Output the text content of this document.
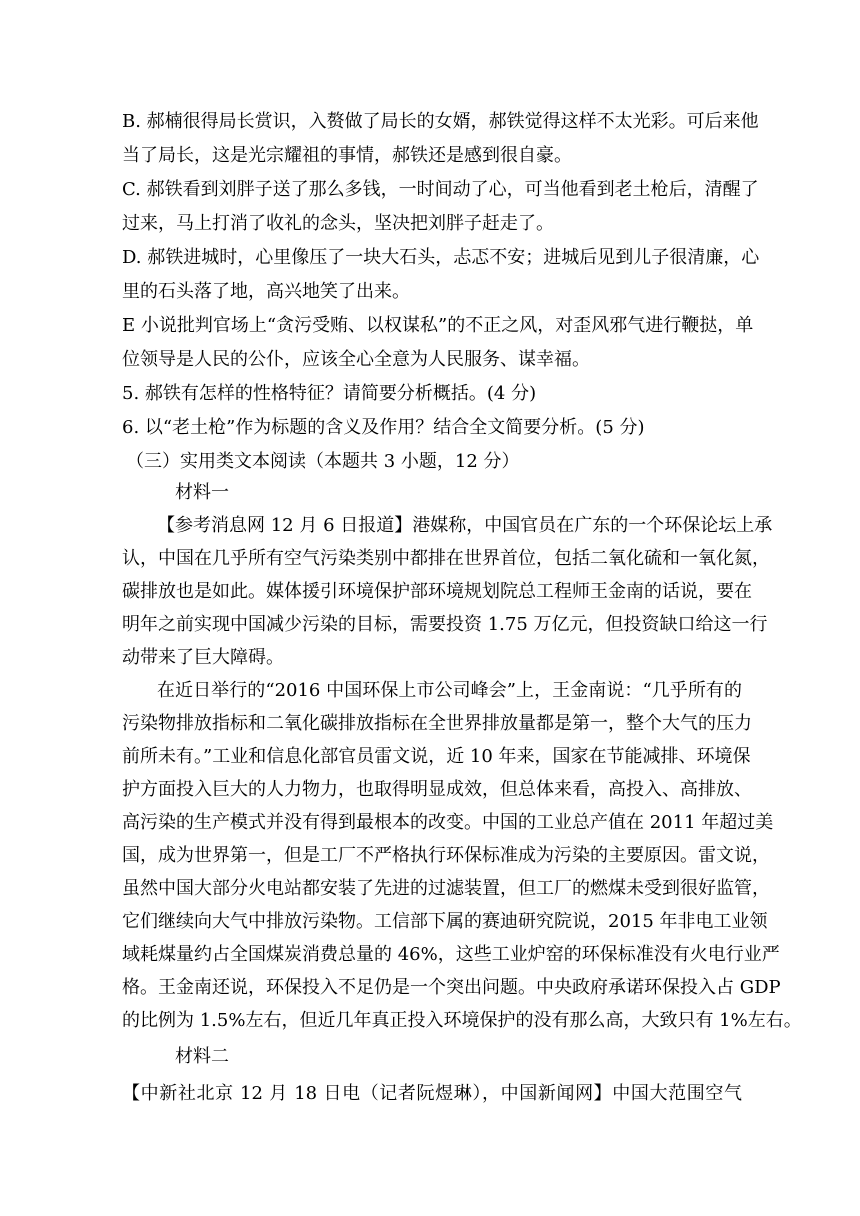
B. 郝楠很得局长赏识，入赘做了局长的女婿，郝铁觉得这样不太光彩。可后来他
当了局长，这是光宗耀祖的事情，郝铁还是感到很自豪。
C. 郝铁看到刘胖子送了那么多钱，一时间动了心，可当他看到老土枪后，清醒了
过来，马上打消了收礼的念头，坚决把刘胖子赶走了。
D. 郝铁进城时，心里像压了一块大石头，忐忑不安；进城后见到儿子很清廉，心
里的石头落了地，高兴地笑了出来。
E 小说批判官场上“贪污受贿、以权谋私”的不正之风，对歪风邪气进行鞭挞，单
位领导是人民的公仆，应该全心全意为人民服务、谋幸福。
5. 郝铁有怎样的性格特征？请简要分析概括。(4 分)
6. 以“老土枪”作为标题的含义及作用？结合全文简要分析。(5 分)
（三）实用类文本阅读（本题共 3 小题，12 分）
材料一
【参考消息网 12 月 6 日报道】港媒称，中国官员在广东的一个环保论坛上承
认，中国在几乎所有空气污染类别中都排在世界首位，包括二氧化硫和一氧化氮，
碳排放也是如此。媒体援引环境保护部环境规划院总工程师王金南的话说，要在
明年之前实现中国减少污染的目标，需要投资 1.75 万亿元，但投资缺口给这一行
动带来了巨大障碍。
在近日举行的“2016 中国环保上市公司峰会”上，王金南说：“几乎所有的
污染物排放指标和二氧化碳排放指标在全世界排放量都是第一，整个大气的压力
前所未有。”工业和信息化部官员雷文说，近 10 年来，国家在节能减排、环境保
护方面投入巨大的人力物力，也取得明显成效，但总体来看，高投入、高排放、
高污染的生产模式并没有得到最根本的改变。中国的工业总产值在 2011 年超过美
国，成为世界第一，但是工厂不严格执行环保标准成为污染的主要原因。雷文说，
虽然中国大部分火电站都安装了先进的过滤装置，但工厂的燃煤未受到很好监管，
它们继续向大气中排放污染物。工信部下属的赛迪研究院说，2015 年非电工业领
域耗煤量约占全国煤炭消费总量的 46%，这些工业炉窑的环保标准没有火电行业严
格。王金南还说，环保投入不足仍是一个突出问题。中央政府承诺环保投入占 GDP
的比例为 1.5%左右，但近几年真正投入环境保护的没有那么高，大致只有 1%左右。
材料二
【中新社北京 12 月 18 日电（记者阮煜琳），中国新闻网】中国大范围空气
